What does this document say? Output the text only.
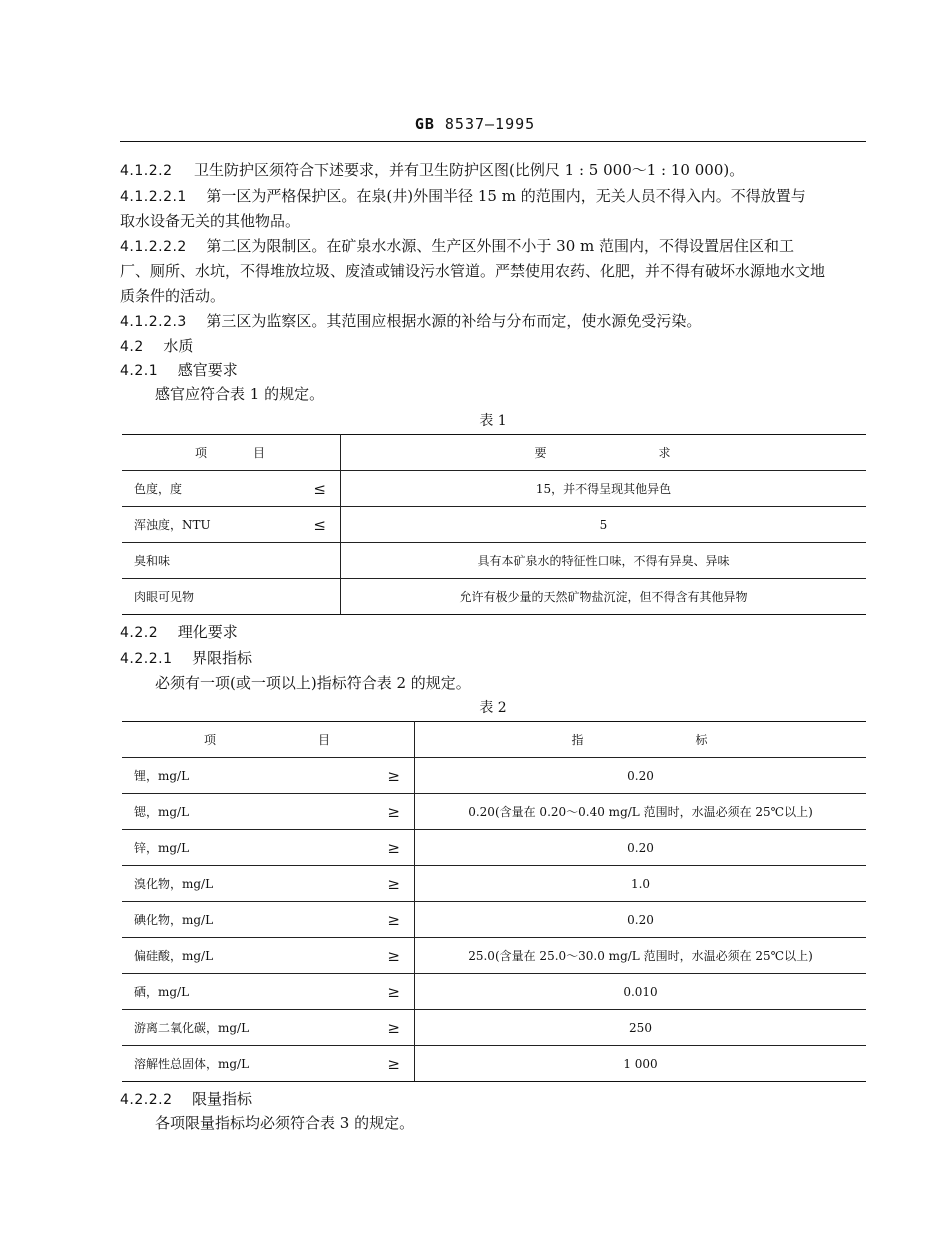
GB 8537—1995
4.1.2.2 卫生防护区须符合下述要求，并有卫生防护区图(比例尺 1 : 5 000～1 : 10 000)。
4.1.2.2.1 第一区为严格保护区。在泉(井)外围半径 15 m 的范围内，无关人员不得入内。不得放置与
取水设备无关的其他物品。
4.1.2.2.2 第二区为限制区。在矿泉水水源、生产区外围不小于 30 m 范围内，不得设置居住区和工
厂、厕所、水坑，不得堆放垃圾、废渣或铺设污水管道。严禁使用农药、化肥，并不得有破坏水源地水文地
质条件的活动。
4.1.2.2.3 第三区为监察区。其范围应根据水源的补给与分布而定，使水源免受污染。
4.2 水质
4.2.1 感官要求
感官应符合表 1 的规定。
表 1
项 目	要 求
色度，度 ≤	15，并不得呈现其他异色
浑浊度，NTU ≤	5
臭和味	具有本矿泉水的特征性口味，不得有异臭、异味
肉眼可见物	允许有极少量的天然矿物盐沉淀，但不得含有其他异物
4.2.2 理化要求
4.2.2.1 界限指标
必须有一项(或一项以上)指标符合表 2 的规定。
表 2
项 目	指 标
锂，mg/L ≥	0.20
锶，mg/L ≥	0.20(含量在 0.20～0.40 mg/L 范围时，水温必须在 25℃以上)
锌，mg/L ≥	0.20
溴化物，mg/L ≥	1.0
碘化物，mg/L ≥	0.20
偏硅酸，mg/L ≥	25.0(含量在 25.0～30.0 mg/L 范围时，水温必须在 25℃以上)
硒，mg/L ≥	0.010
游离二氧化碳，mg/L ≥	250
溶解性总固体，mg/L ≥	1 000
4.2.2.2 限量指标
各项限量指标均必须符合表 3 的规定。
